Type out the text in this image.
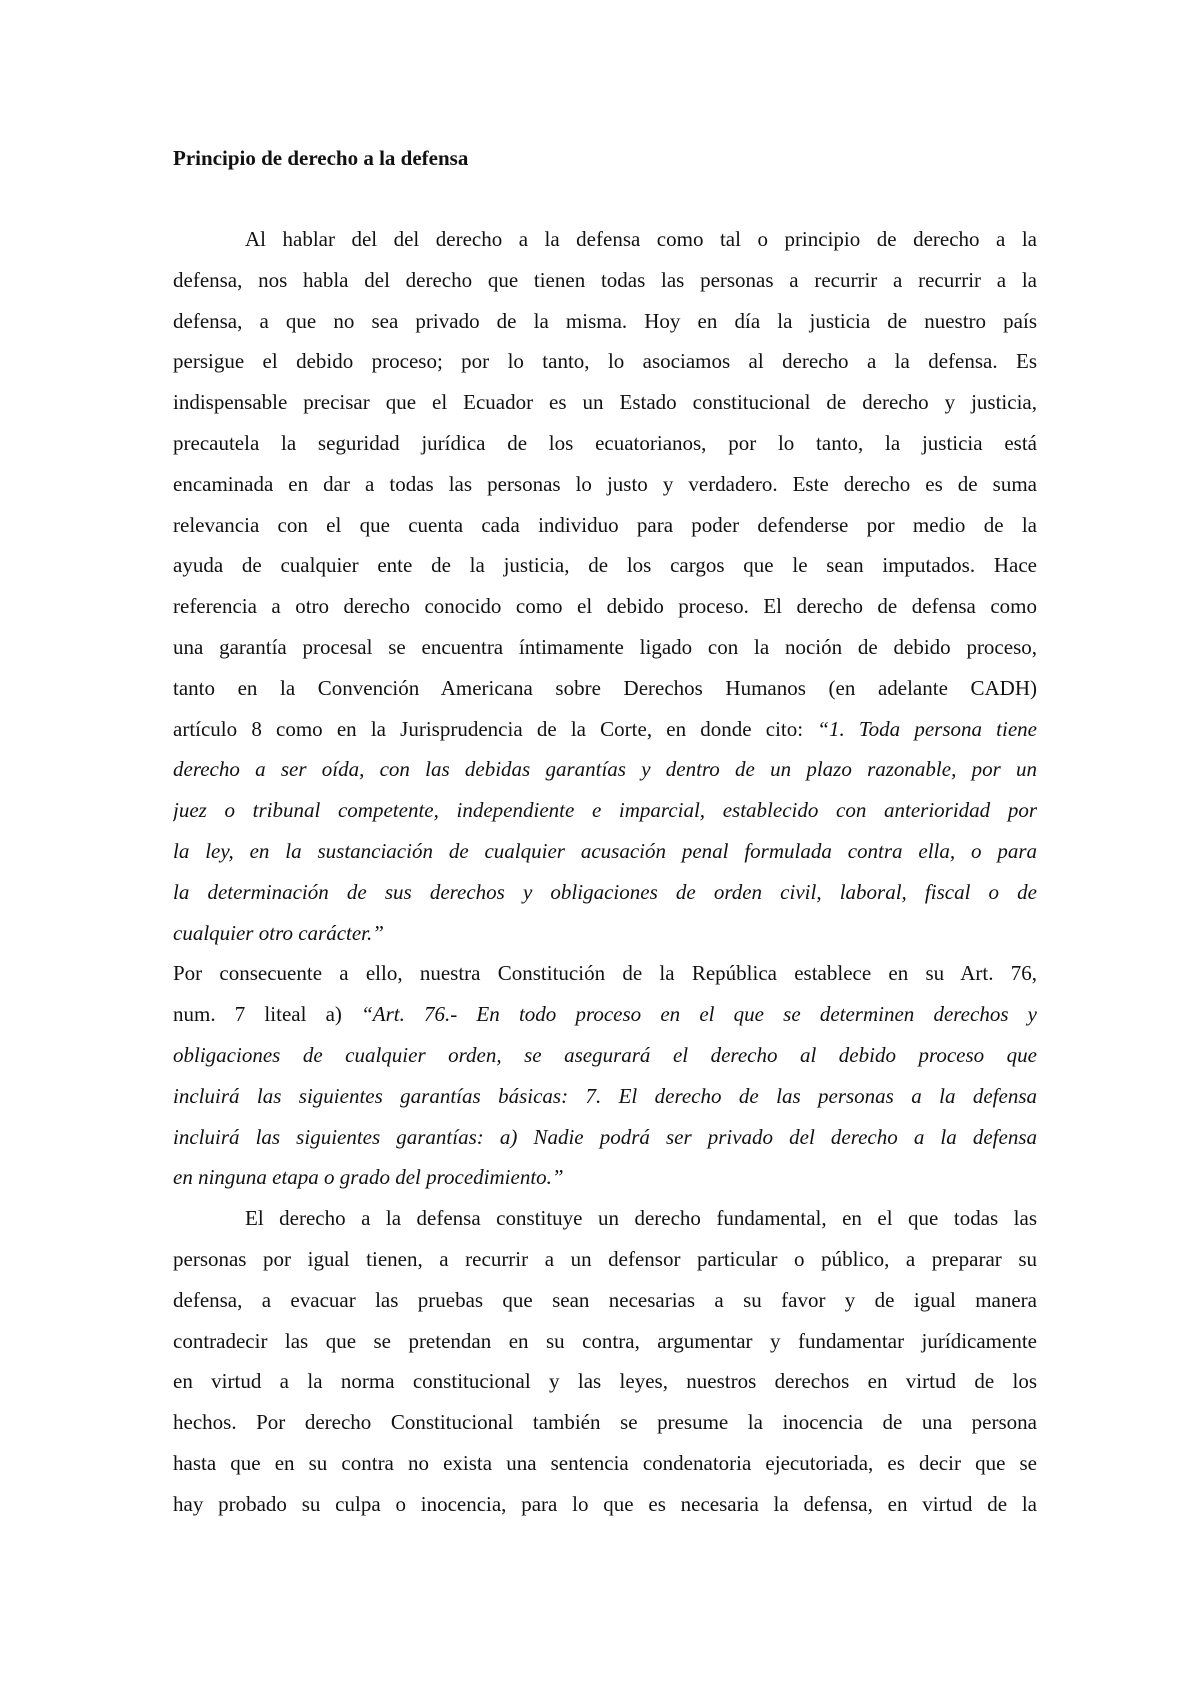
Principio de derecho a la defensa
Al hablar del del derecho a la defensa como tal o principio de derecho a la
defensa, nos habla del derecho que tienen todas las personas a recurrir a recurrir a la
defensa, a que no sea privado de la misma. Hoy en día la justicia de nuestro país
persigue el debido proceso; por lo tanto, lo asociamos al derecho a la defensa. Es
indispensable precisar que el Ecuador es un Estado constitucional de derecho y justicia,
precautela la seguridad jurídica de los ecuatorianos, por lo tanto, la justicia está
encaminada en dar a todas las personas lo justo y verdadero. Este derecho es de suma
relevancia con el que cuenta cada individuo para poder defenderse por medio de la
ayuda de cualquier ente de la justicia, de los cargos que le sean imputados. Hace
referencia a otro derecho conocido como el debido proceso. El derecho de defensa como
una garantía procesal se encuentra íntimamente ligado con la noción de debido proceso,
tanto en la Convención Americana sobre Derechos Humanos (en adelante CADH)
artículo 8 como en la Jurisprudencia de la Corte, en donde cito: “1. Toda persona tiene
derecho a ser oída, con las debidas garantías y dentro de un plazo razonable, por un
juez o tribunal competente, independiente e imparcial, establecido con anterioridad por
la ley, en la sustanciación de cualquier acusación penal formulada contra ella, o para
la determinación de sus derechos y obligaciones de orden civil, laboral, fiscal o de
cualquier otro carácter.”
Por consecuente a ello, nuestra Constitución de la República establece en su Art. 76,
num. 7 liteal a) “Art. 76.- En todo proceso en el que se determinen derechos y
obligaciones de cualquier orden, se asegurará el derecho al debido proceso que
incluirá las siguientes garantías básicas: 7. El derecho de las personas a la defensa
incluirá las siguientes garantías: a) Nadie podrá ser privado del derecho a la defensa
en ninguna etapa o grado del procedimiento.”
El derecho a la defensa constituye un derecho fundamental, en el que todas las
personas por igual tienen, a recurrir a un defensor particular o público, a preparar su
defensa, a evacuar las pruebas que sean necesarias a su favor y de igual manera
contradecir las que se pretendan en su contra, argumentar y fundamentar jurídicamente
en virtud a la norma constitucional y las leyes, nuestros derechos en virtud de los
hechos. Por derecho Constitucional también se presume la inocencia de una persona
hasta que en su contra no exista una sentencia condenatoria ejecutoriada, es decir que se
hay probado su culpa o inocencia, para lo que es necesaria la defensa, en virtud de la
